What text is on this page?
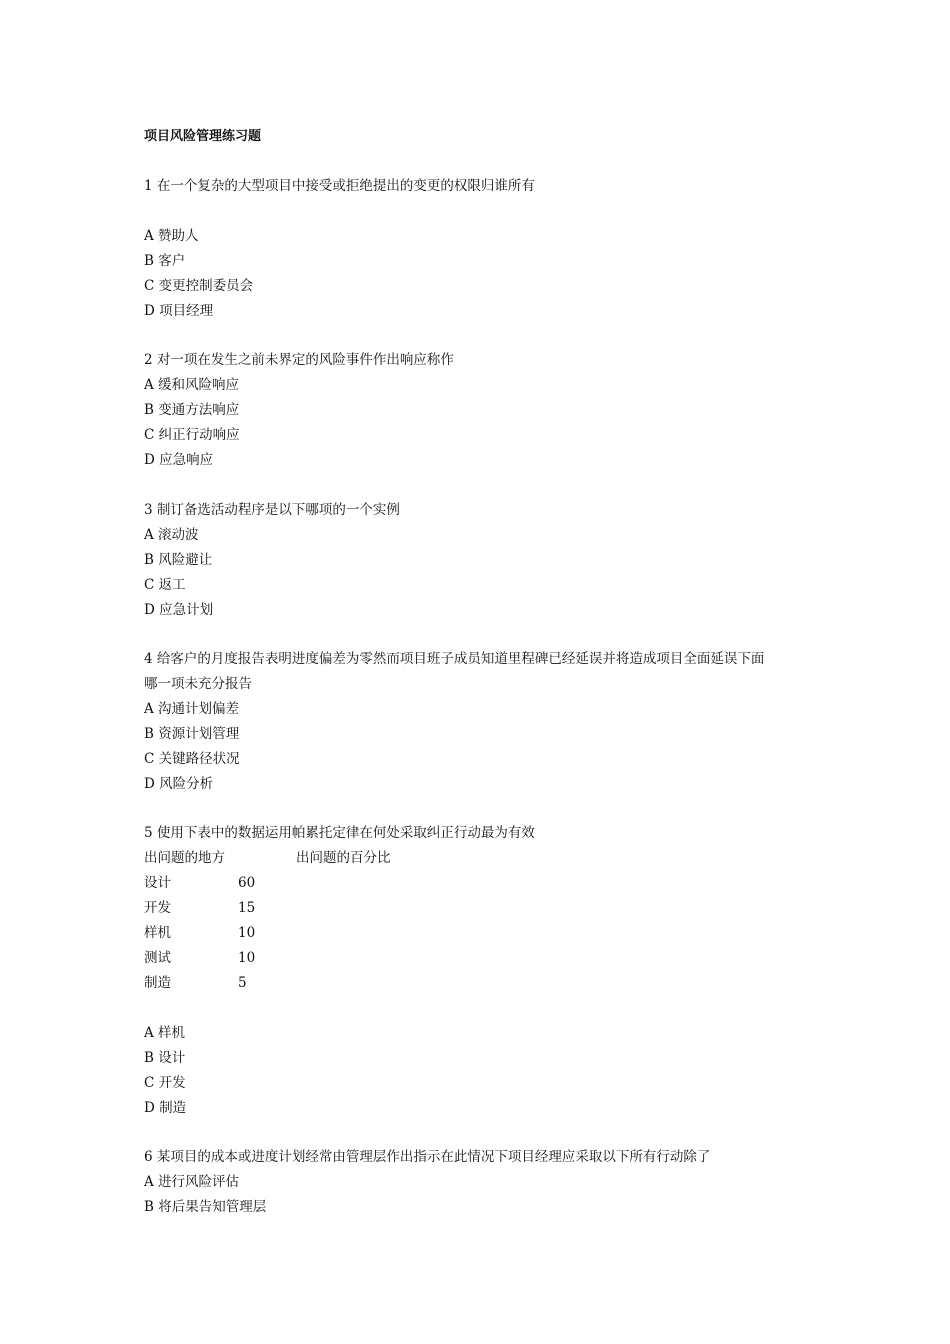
项目风险管理练习题
1 在一个复杂的大型项目中接受或拒绝提出的变更的权限归谁所有
A 赞助人
B 客户
C 变更控制委员会
D 项目经理
2 对一项在发生之前未界定的风险事件作出响应称作
A 缓和风险响应
B 变通方法响应
C 纠正行动响应
D 应急响应
3 制订备选活动程序是以下哪项的一个实例
A 滚动波
B 风险避让
C 返工
D 应急计划
4 给客户的月度报告表明进度偏差为零然而项目班子成员知道里程碑已经延误并将造成项目全面延误下面
哪一项未充分报告
A 沟通计划偏差
B 资源计划管理
C 关键路径状况
D 风险分析
5 使用下表中的数据运用帕累托定律在何处采取纠正行动最为有效
出问题的地方	出问题的百分比
设计	60
开发	15
样机	10
测试	10
制造	5
A 样机
B 设计
C 开发
D 制造
6 某项目的成本或进度计划经常由管理层作出指示在此情况下项目经理应采取以下所有行动除了
A 进行风险评估
B 将后果告知管理层
